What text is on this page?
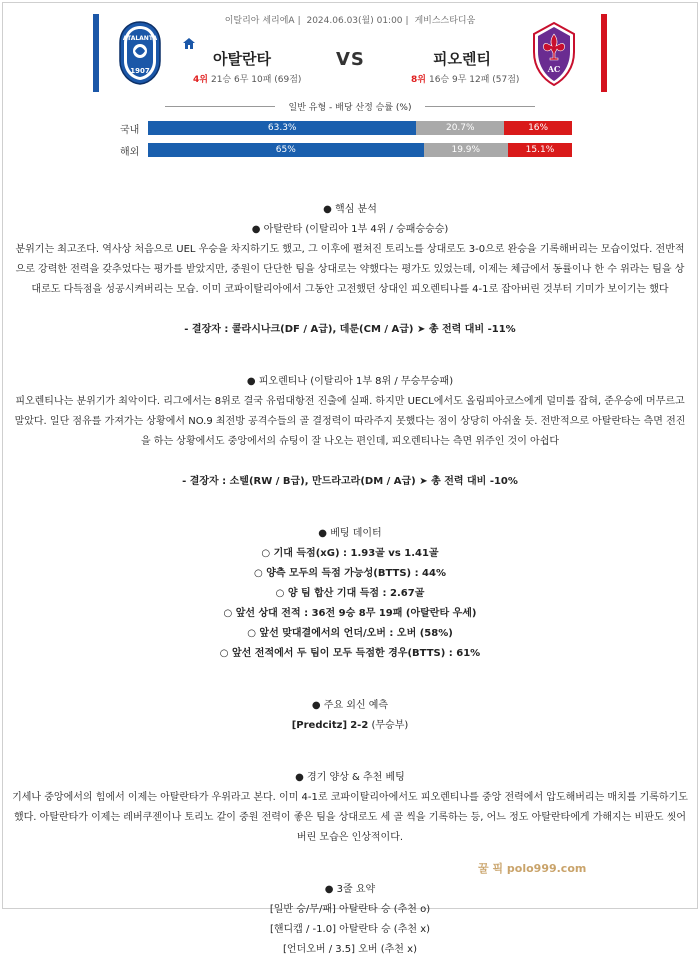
이탈리아 세리에A | 2024.06.03(월) 01:00 | 게비스스타디움
ATALANTA
1907
아탈란타	VS	피오렌티
4위 21승 6무 10패 (69점)	8위 16승 9무 12패 (57점)
AC
일반 유형 - 배당 산정 승률 (%)
국내	63.3%	20.7%	16%
해외	65%	19.9%	15.1%
● 핵심 분석
● 아탈란타 (이탈리아 1부 4위 / 승패승승승)
분위기는 최고조다. 역사상 처음으로 UEL 우승을 차지하기도 했고, 그 이후에 펼쳐진 토리노를 상대로도 3-0으로 완승을 기록해버리는 모습이었다. 전반적으로 강력한 전력을 갖추었다는 평가를 받았지만, 중원이 단단한 팀을 상대로는 약했다는 평가도 있었는데, 이제는 체급에서 동률이나 한 수 위라는 팀을 상대로도 다득점을 성공시켜버리는 모습. 이미 코파이탈리아에서 그동안 고전했던 상대인 피오렌티나를 4-1로 잡아버린 것부터 기미가 보이기는 했다
- 결장자 : 콜라시나크(DF / A급), 데룬(CM / A급) ➤ 총 전력 대비 -11%
● 피오렌티나 (이탈리아 1부 8위 / 무승무승패)
피오렌티나는 분위기가 최악이다. 리그에서는 8위로 결국 유럽대항전 진출에 실패. 하지만 UECL에서도 올림피아코스에게 덜미를 잡혀, 준우승에 머무르고 말았다. 일단 점유를 가져가는 상황에서 NO.9 최전방 공격수들의 골 결정력이 따라주지 못했다는 점이 상당히 아쉬울 듯. 전반적으로 아탈란타는 측면 전진을 하는 상황에서도 중앙에서의 슈팅이 잘 나오는 편인데, 피오렌티나는 측면 위주인 것이 아쉽다
- 결장자 : 소텔(RW / B급), 만드라고라(DM / A급) ➤ 총 전력 대비 -10%
● 베팅 데이터
○ 기대 득점(xG) : 1.93골 vs 1.41골
○ 양측 모두의 득점 가능성(BTTS) : 44%
○ 양 팀 합산 기대 득점 : 2.67골
○ 앞선 상대 전적 : 36전 9승 8무 19패 (아탈란타 우세)
○ 앞선 맞대결에서의 언더/오버 : 오버 (58%)
○ 앞선 전적에서 두 팀이 모두 득점한 경우(BTTS) : 61%
● 주요 외신 예측
[Predcitz] 2-2 (무승부)
● 경기 양상 & 추천 베팅
기세나 중앙에서의 힘에서 이제는 아탈란타가 우위라고 본다. 이미 4-1로 코파이탈리아에서도 피오렌티나를 중앙 전력에서 압도해버리는 매치를 기록하기도 했다. 아탈란타가 이제는 레버쿠젠이나 토리노 같이 중원 전력이 좋은 팀을 상대로도 세 골 씩을 기록하는 등, 어느 정도 아탈란타에게 가해지는 비판도 씻어버린 모습은 인상적이다.
● 3줄 요약
[일반 승/무/패] 아탈란타 승 (추천 o)
[핸디캡 / -1.0] 아탈란타 승 (추천 x)
[언더오버 / 3.5] 오버 (추천 x)
꿀 픽 polo999.com
